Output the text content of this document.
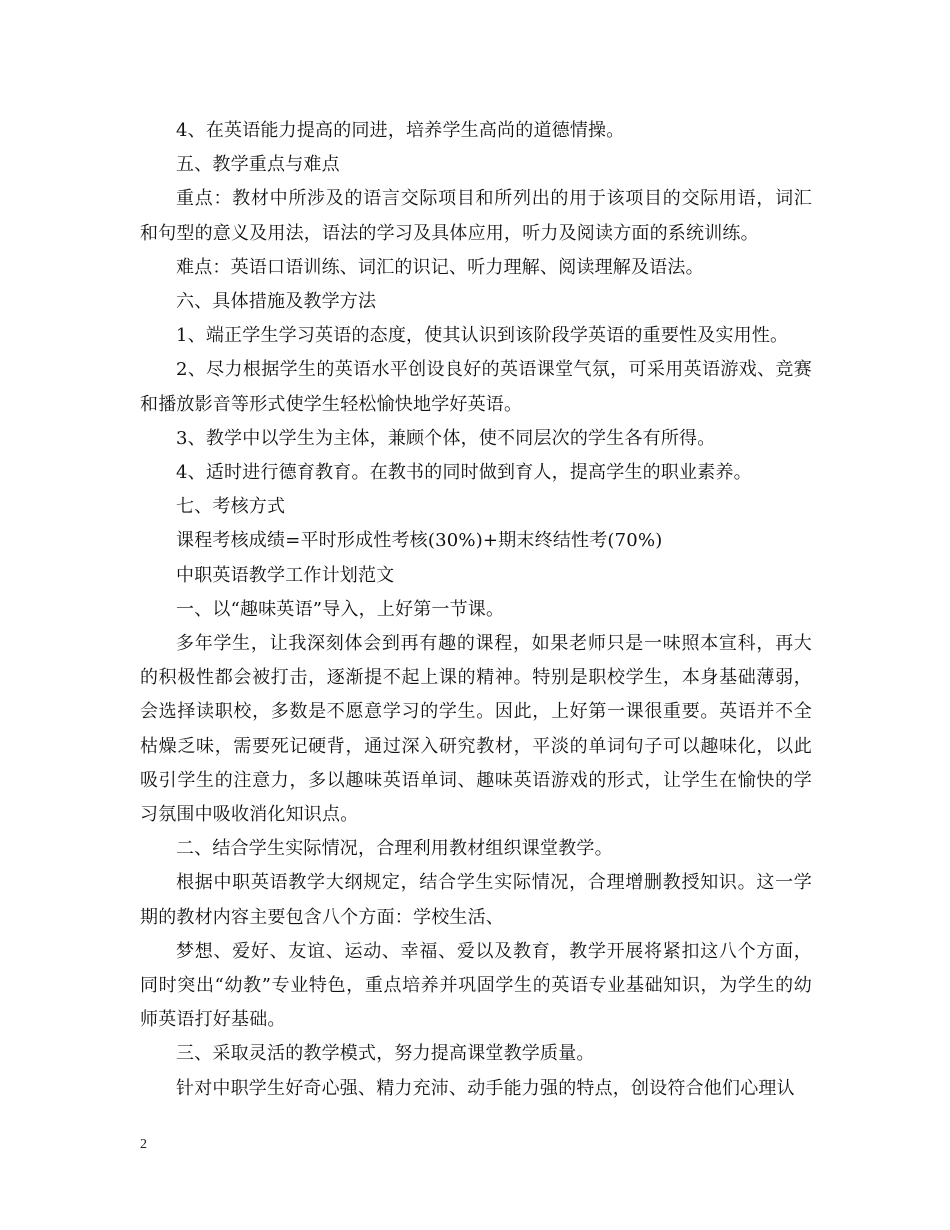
4、在英语能力提高的同进，培养学生高尚的道德情操。

五、教学重点与难点

重点：教材中所涉及的语言交际项目和所列出的用于该项目的交际用语，词汇和句型的意义及用法，语法的学习及具体应用，听力及阅读方面的系统训练。

难点：英语口语训练、词汇的识记、听力理解、阅读理解及语法。

六、具体措施及教学方法

1、端正学生学习英语的态度，使其认识到该阶段学英语的重要性及实用性。

2、尽力根据学生的英语水平创设良好的英语课堂气氛，可采用英语游戏、竞赛和播放影音等形式使学生轻松愉快地学好英语。

3、教学中以学生为主体，兼顾个体，使不同层次的学生各有所得。

4、适时进行德育教育。在教书的同时做到育人，提高学生的职业素养。

七、考核方式

课程考核成绩=平时形成性考核(30%)+期末终结性考(70%)

中职英语教学工作计划范文

一、以“趣味英语”导入，上好第一节课。

多年学生，让我深刻体会到再有趣的课程，如果老师只是一味照本宣科，再大的积极性都会被打击，逐渐提不起上课的精神。特别是职校学生，本身基础薄弱，会选择读职校，多数是不愿意学习的学生。因此，上好第一课很重要。英语并不全枯燥乏味，需要死记硬背，通过深入研究教材，平淡的单词句子可以趣味化，以此吸引学生的注意力，多以趣味英语单词、趣味英语游戏的形式，让学生在愉快的学习氛围中吸收消化知识点。

二、结合学生实际情况，合理利用教材组织课堂教学。

根据中职英语教学大纲规定，结合学生实际情况，合理增删教授知识。这一学期的教材内容主要包含八个方面：学校生活、

梦想、爱好、友谊、运动、幸福、爱以及教育，教学开展将紧扣这八个方面，同时突出“幼教”专业特色，重点培养并巩固学生的英语专业基础知识，为学生的幼师英语打好基础。

三、采取灵活的教学模式，努力提高课堂教学质量。

针对中职学生好奇心强、精力充沛、动手能力强的特点，创设符合他们心理认

2
